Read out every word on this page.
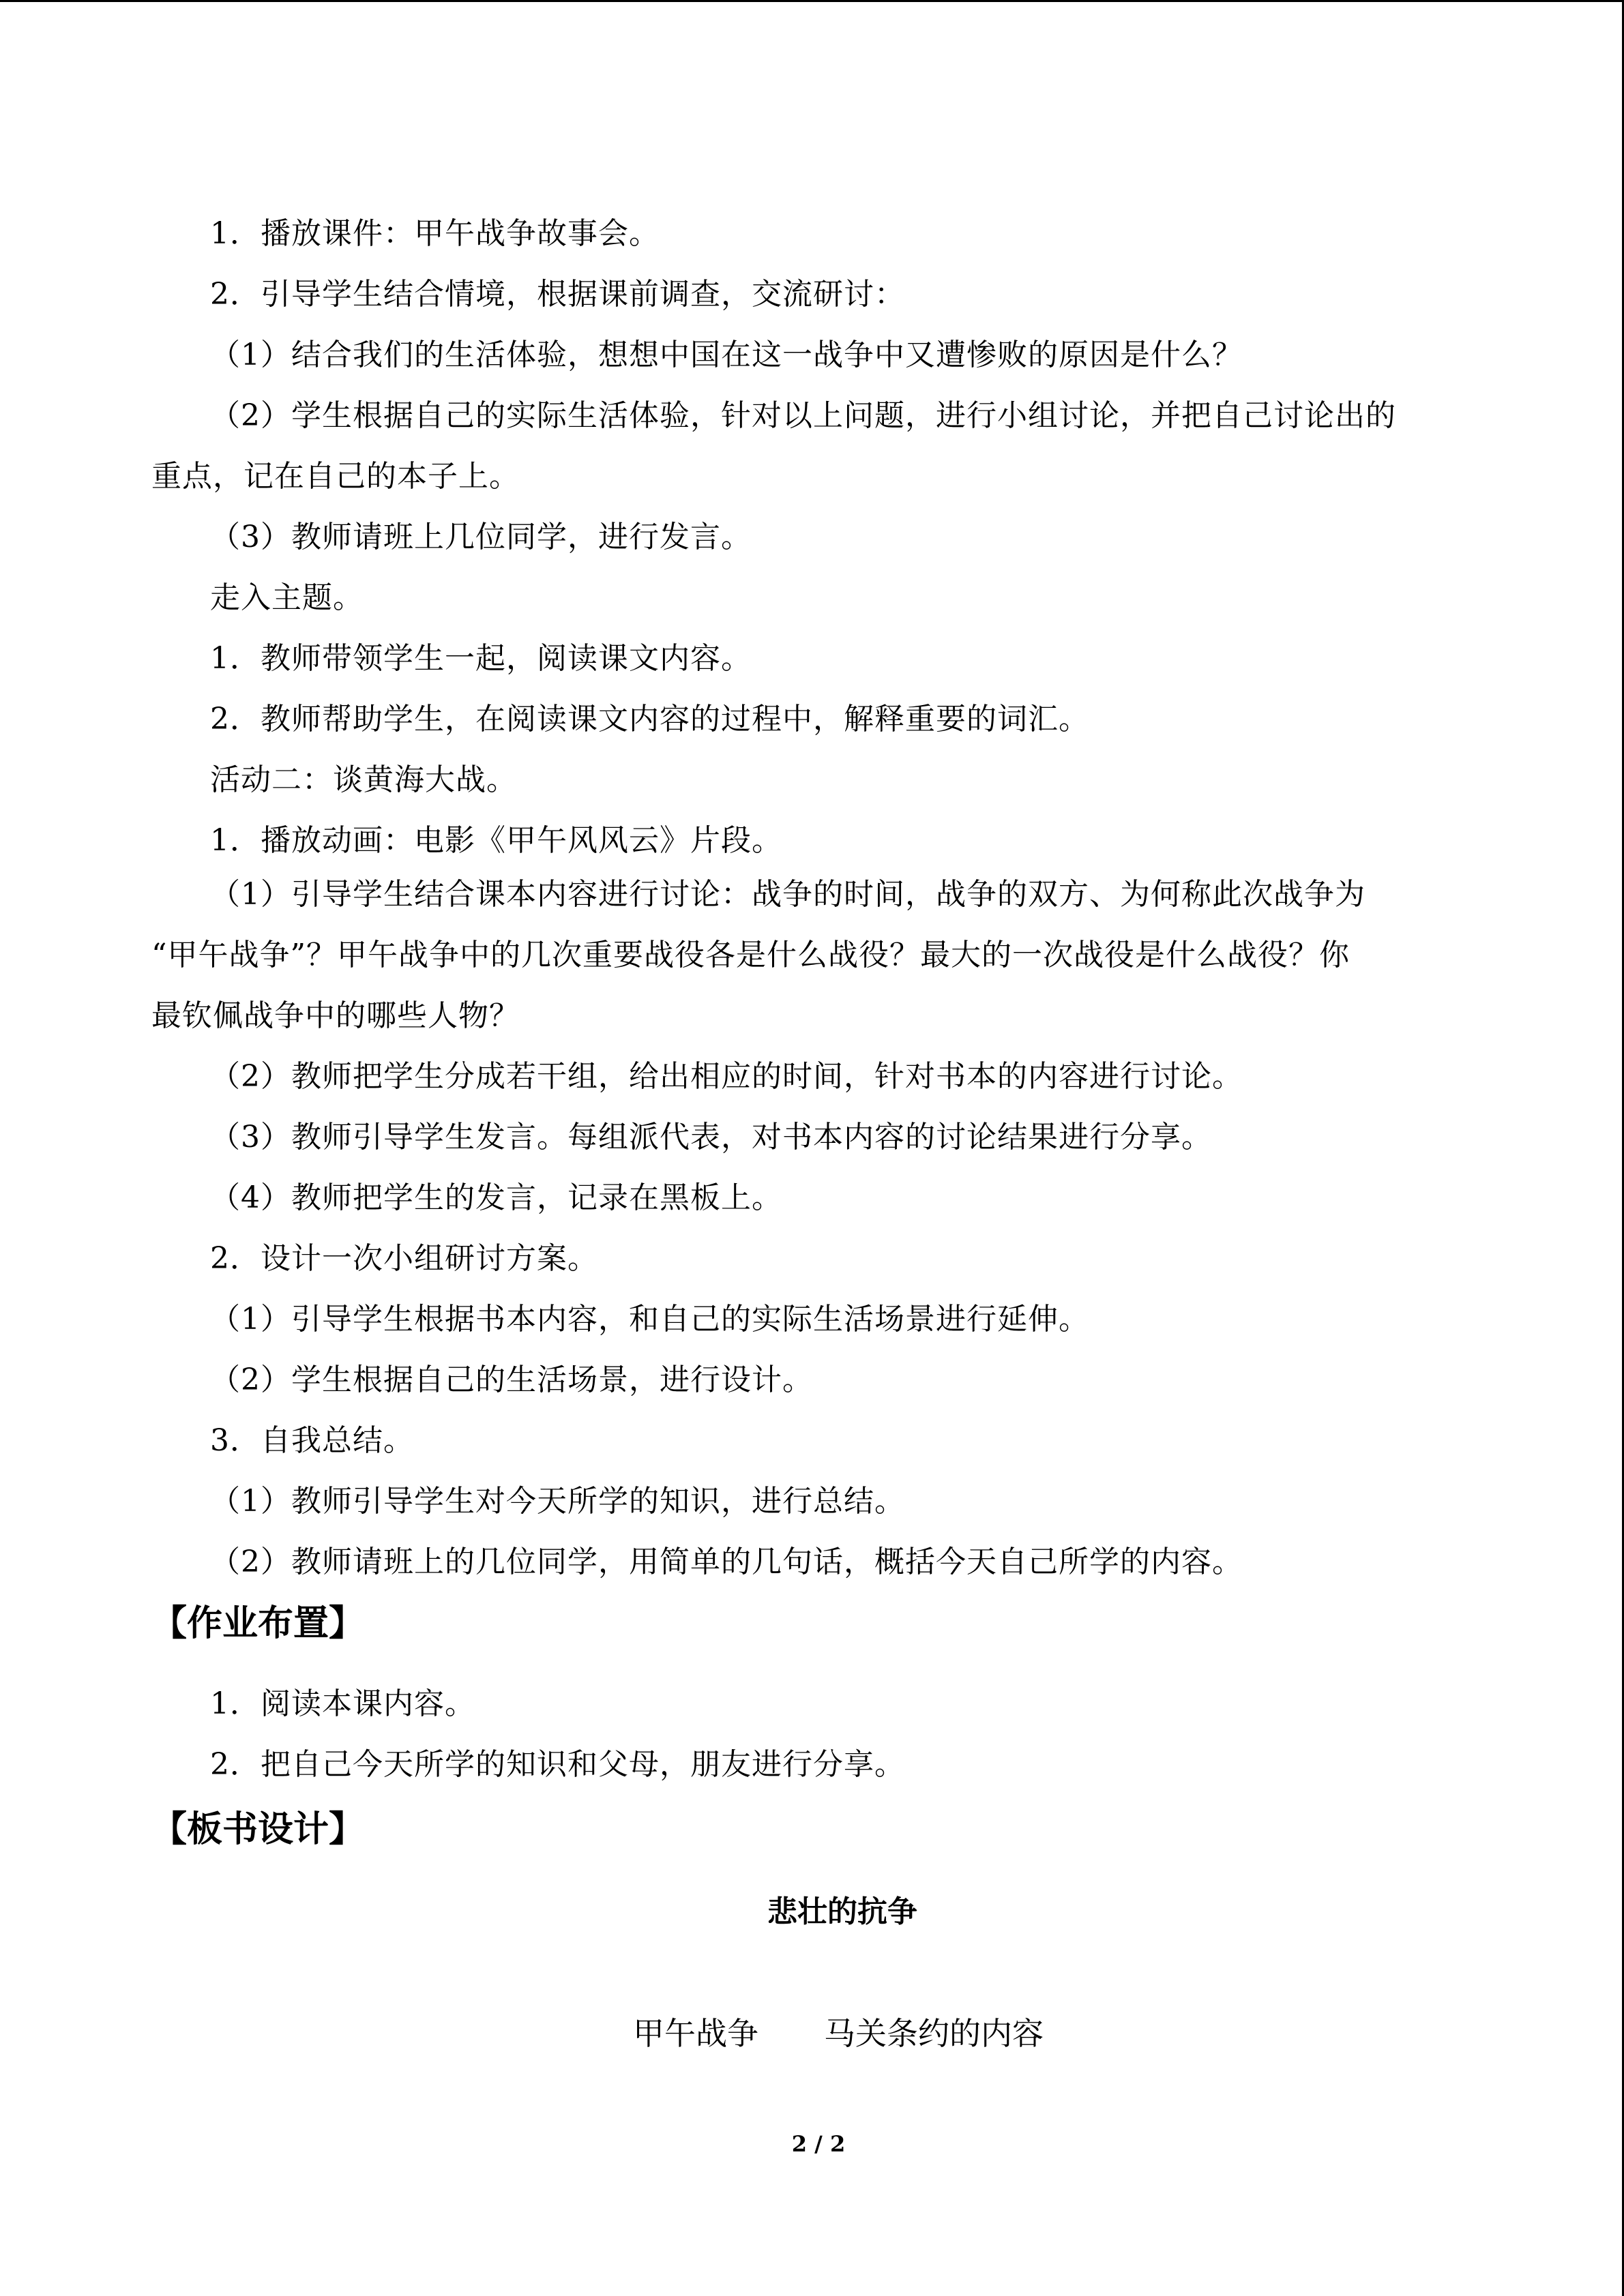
1．播放课件：甲午战争故事会。
2．引导学生结合情境，根据课前调查，交流研讨：
（1）结合我们的生活体验，想想中国在这一战争中又遭惨败的原因是什么？
（2）学生根据自己的实际生活体验，针对以上问题，进行小组讨论，并把自己讨论出的
重点，记在自己的本子上。
（3）教师请班上几位同学，进行发言。
走入主题。
1．教师带领学生一起，阅读课文内容。
2．教师帮助学生，在阅读课文内容的过程中，解释重要的词汇。
活动二：谈黄海大战。
1．播放动画：电影《甲午风风云》片段。
（1）引导学生结合课本内容进行讨论：战争的时间，战争的双方、为何称此次战争为
“甲午战争”？甲午战争中的几次重要战役各是什么战役？最大的一次战役是什么战役？你
最钦佩战争中的哪些人物？
（2）教师把学生分成若干组，给出相应的时间，针对书本的内容进行讨论。
（3）教师引导学生发言。每组派代表，对书本内容的讨论结果进行分享。
（4）教师把学生的发言，记录在黑板上。
2．设计一次小组研讨方案。
（1）引导学生根据书本内容，和自己的实际生活场景进行延伸。
（2）学生根据自己的生活场景，进行设计。
3．自我总结。
（1）教师引导学生对今天所学的知识，进行总结。
（2）教师请班上的几位同学，用简单的几句话，概括今天自己所学的内容。
【作业布置】
1．阅读本课内容。
2．把自己今天所学的知识和父母，朋友进行分享。
【板书设计】
悲壮的抗争
甲午战争 马关条约的内容
2 / 2
